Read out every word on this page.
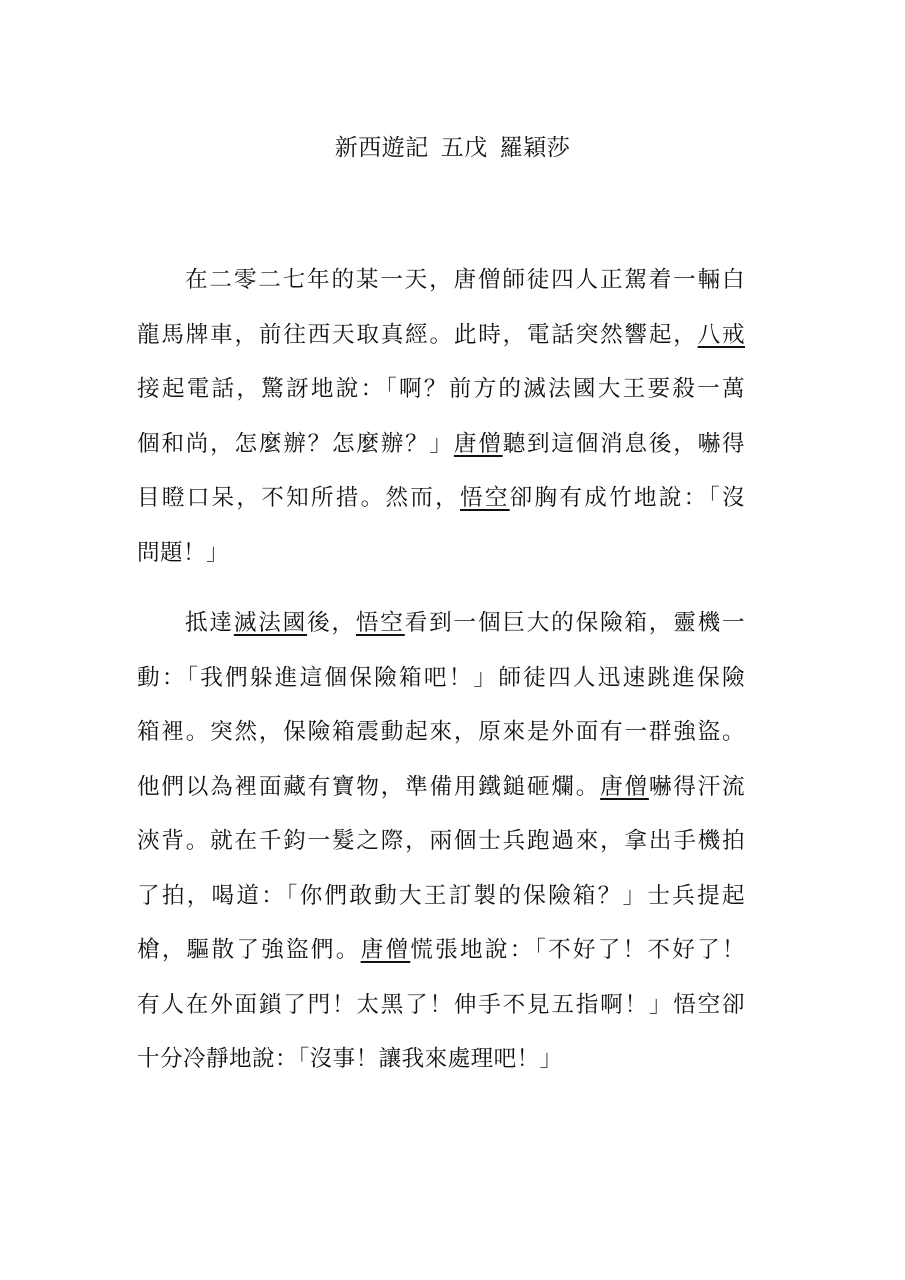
新西遊記 五戊 羅穎莎
在二零二七年的某一天，唐僧師徒四人正駕着一輛白
龍馬牌車，前往西天取真經。此時，電話突然響起，八戒
接起電話，驚訝地說：「啊？前方的滅法國大王要殺一萬
個和尚，怎麼辦？怎麼辦？」唐僧聽到這個消息後，嚇得
目瞪口呆，不知所措。然而，悟空卻胸有成竹地說：「沒
問題！」
抵達滅法國後，悟空看到一個巨大的保險箱，靈機一
動：「我們躲進這個保險箱吧！」師徒四人迅速跳進保險
箱裡。突然，保險箱震動起來，原來是外面有一群強盜。
他們以為裡面藏有寶物，準備用鐵鎚砸爛。唐僧嚇得汗流
浹背。就在千鈞一髮之際，兩個士兵跑過來，拿出手機拍
了拍，喝道：「你們敢動大王訂製的保險箱？」士兵提起
槍，驅散了強盜們。唐僧慌張地說：「不好了！不好了！
有人在外面鎖了門！太黑了！伸手不見五指啊！」悟空卻
十分冷靜地說：「沒事！讓我來處理吧！」
